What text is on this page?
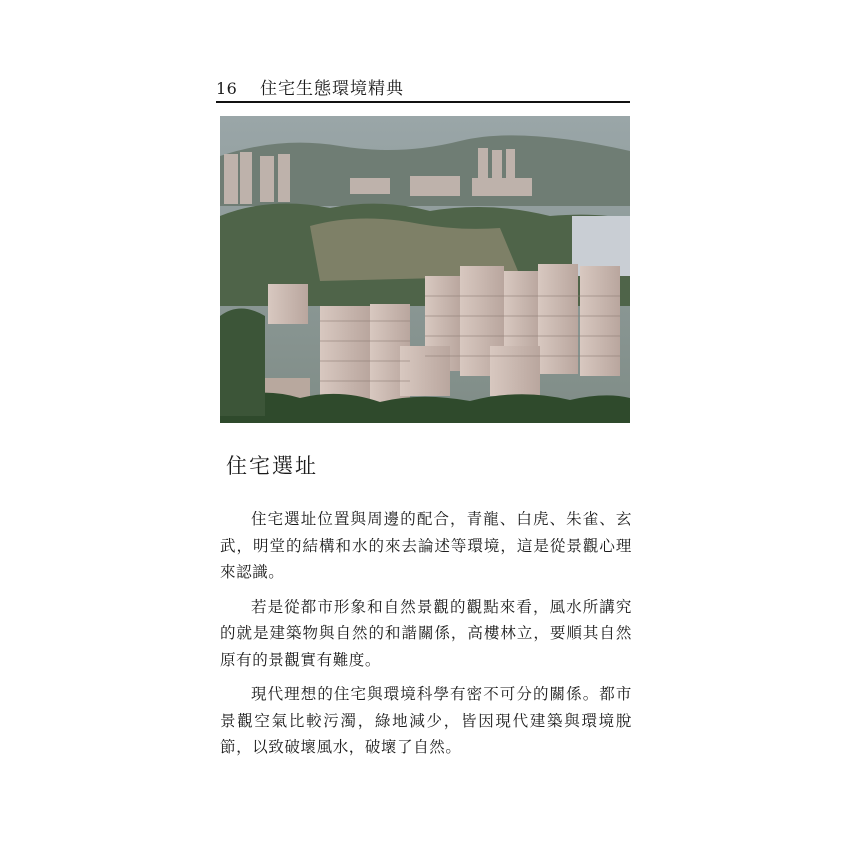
16	住宅生態環境精典
住宅選址

住宅選址位置與周邊的配合，青龍、白虎、朱雀、玄武，明堂的結構和水的來去論述等環境，這是從景觀心理來認識。

若是從都市形象和自然景觀的觀點來看，風水所講究的就是建築物與自然的和諧關係，高樓林立，要順其自然原有的景觀實有難度。

現代理想的住宅與環境科學有密不可分的關係。都市景觀空氣比較污濁，綠地減少，皆因現代建築與環境脫節，以致破壞風水，破壞了自然。
